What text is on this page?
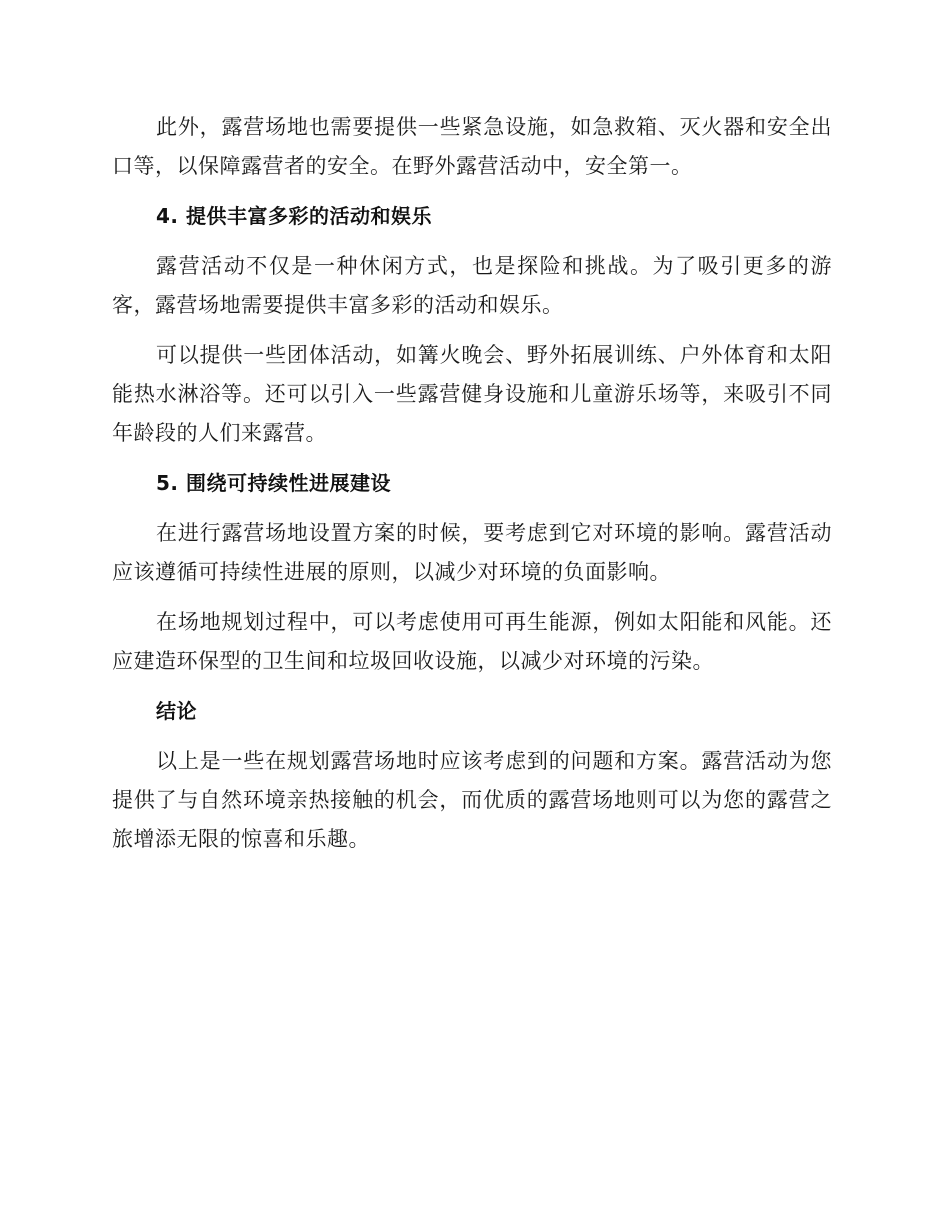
此外，露营场地也需要提供一些紧急设施，如急救箱、灭火器和安全出口等，以保障露营者的安全。在野外露营活动中，安全第一。

4. 提供丰富多彩的活动和娱乐

露营活动不仅是一种休闲方式，也是探险和挑战。为了吸引更多的游客，露营场地需要提供丰富多彩的活动和娱乐。

可以提供一些团体活动，如篝火晚会、野外拓展训练、户外体育和太阳能热水淋浴等。还可以引入一些露营健身设施和儿童游乐场等，来吸引不同年龄段的人们来露营。

5. 围绕可持续性进展建设

在进行露营场地设置方案的时候，要考虑到它对环境的影响。露营活动应该遵循可持续性进展的原则，以减少对环境的负面影响。

在场地规划过程中，可以考虑使用可再生能源，例如太阳能和风能。还应建造环保型的卫生间和垃圾回收设施，以减少对环境的污染。

结论

以上是一些在规划露营场地时应该考虑到的问题和方案。露营活动为您提供了与自然环境亲热接触的机会，而优质的露营场地则可以为您的露营之旅增添无限的惊喜和乐趣。
